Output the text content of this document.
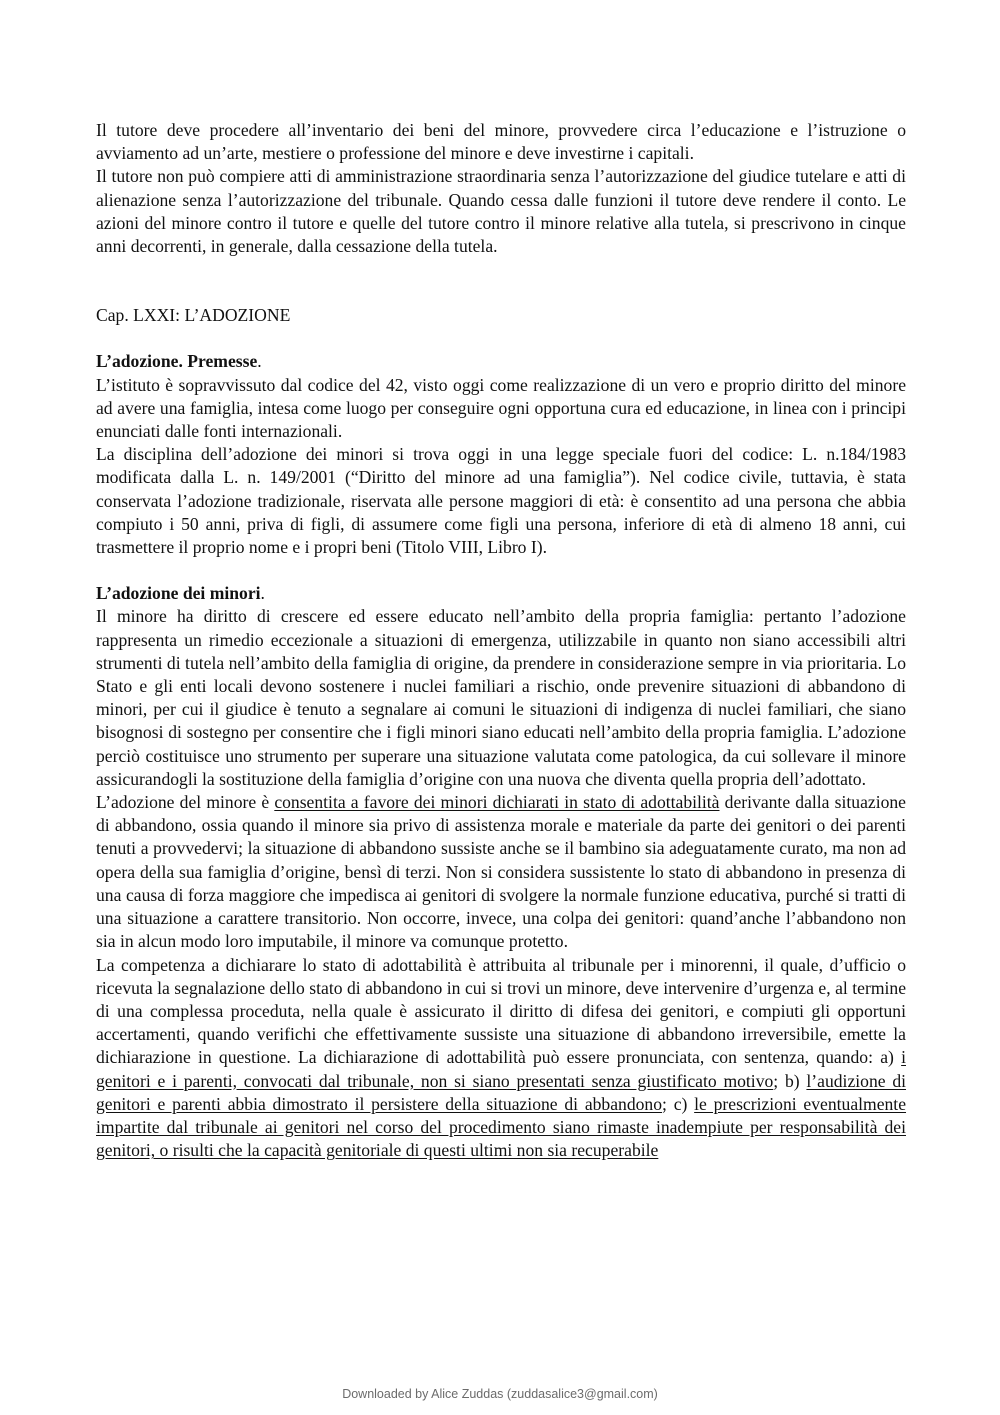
Il tutore deve procedere all’inventario dei beni del minore, provvedere circa l’educazione e l’istruzione o avviamento ad un’arte, mestiere o professione del minore e deve investirne i capitali.

Il tutore non può compiere atti di amministrazione straordinaria senza l’autorizzazione del giudice tutelare e atti di alienazione senza l’autorizzazione del tribunale. Quando cessa dalle funzioni il tutore deve rendere il conto. Le azioni del minore contro il tutore e quelle del tutore contro il minore relative alla tutela, si prescrivono in cinque anni decorrenti, in generale, dalla cessazione della tutela.

Cap. LXXI: L’ADOZIONE

L’adozione. Premesse.

L’istituto è sopravvissuto dal codice del 42, visto oggi come realizzazione di un vero e proprio diritto del minore ad avere una famiglia, intesa come luogo per conseguire ogni opportuna cura ed educazione, in linea con i principi enunciati dalle fonti internazionali.

La disciplina dell’adozione dei minori si trova oggi in una legge speciale fuori del codice: L. n.184/1983 modificata dalla L. n. 149/2001 (“Diritto del minore ad una famiglia”). Nel codice civile, tuttavia, è stata conservata l’adozione tradizionale, riservata alle persone maggiori di età: è consentito ad una persona che abbia compiuto i 50 anni, priva di figli, di assumere come figli una persona, inferiore di età di almeno 18 anni, cui trasmettere il proprio nome e i propri beni (Titolo VIII, Libro I).

L’adozione dei minori.

Il minore ha diritto di crescere ed essere educato nell’ambito della propria famiglia: pertanto l’adozione rappresenta un rimedio eccezionale a situazioni di emergenza, utilizzabile in quanto non siano accessibili altri strumenti di tutela nell’ambito della famiglia di origine, da prendere in considerazione sempre in via prioritaria. Lo Stato e gli enti locali devono sostenere i nuclei familiari a rischio, onde prevenire situazioni di abbandono di minori, per cui il giudice è tenuto a segnalare ai comuni le situazioni di indigenza di nuclei familiari, che siano bisognosi di sostegno per consentire che i figli minori siano educati nell’ambito della propria famiglia. L’adozione perciò costituisce uno strumento per superare una situazione valutata come patologica, da cui sollevare il minore assicurandogli la sostituzione della famiglia d’origine con una nuova che diventa quella propria dell’adottato.

L’adozione del minore è consentita a favore dei minori dichiarati in stato di adottabilità derivante dalla situazione di abbandono, ossia quando il minore sia privo di assistenza morale e materiale da parte dei genitori o dei parenti tenuti a provvedervi; la situazione di abbandono sussiste anche se il bambino sia adeguatamente curato, ma non ad opera della sua famiglia d’origine, bensì di terzi. Non si considera sussistente lo stato di abbandono in presenza di una causa di forza maggiore che impedisca ai genitori di svolgere la normale funzione educativa, purché si tratti di una situazione a carattere transitorio. Non occorre, invece, una colpa dei genitori: quand’anche l’abbandono non sia in alcun modo loro imputabile, il minore va comunque protetto.

La competenza a dichiarare lo stato di adottabilità è attribuita al tribunale per i minorenni, il quale, d’ufficio o ricevuta la segnalazione dello stato di abbandono in cui si trovi un minore, deve intervenire d’urgenza e, al termine di una complessa proceduta, nella quale è assicurato il diritto di difesa dei genitori, e compiuti gli opportuni accertamenti, quando verifichi che effettivamente sussiste una situazione di abbandono irreversibile, emette la dichiarazione in questione. La dichiarazione di adottabilità può essere pronunciata, con sentenza, quando: a) i genitori e i parenti, convocati dal tribunale, non si siano presentati senza giustificato motivo; b) l’audizione di genitori e parenti abbia dimostrato il persistere della situazione di abbandono; c) le prescrizioni eventualmente impartite dal tribunale ai genitori nel corso del procedimento siano rimaste inadempiute per responsabilità dei genitori, o risulti che la capacità genitoriale di questi ultimi non sia recuperabile

Downloaded by Alice Zuddas (zuddasalice3@gmail.com)
